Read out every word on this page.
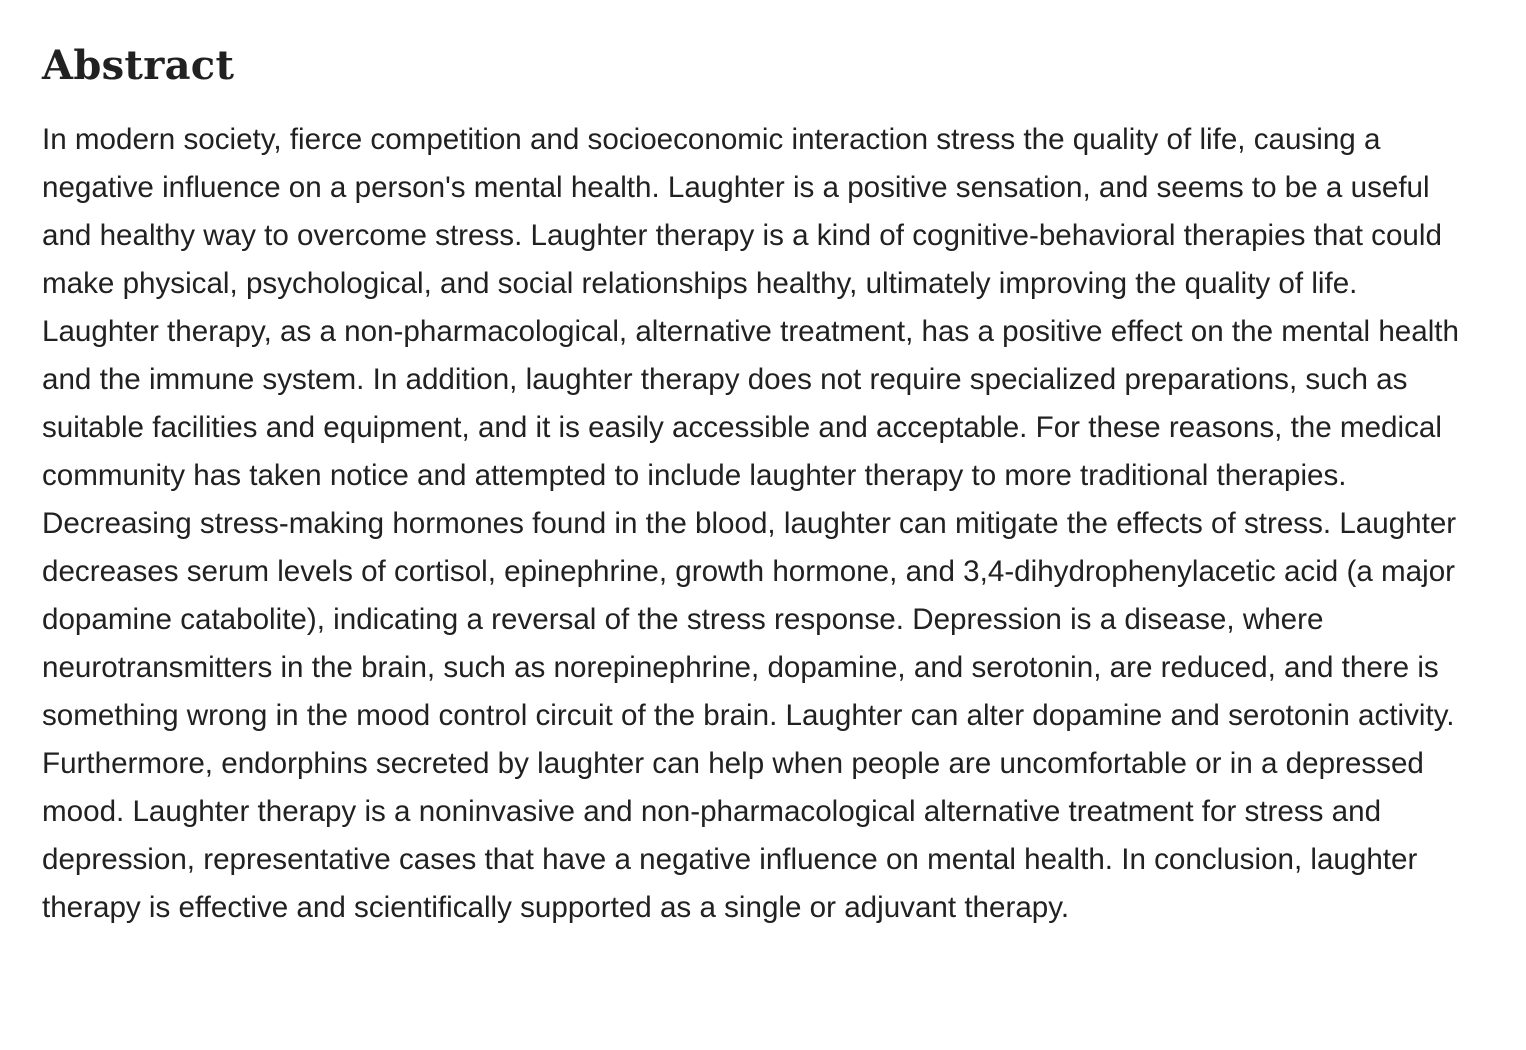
Abstract

In modern society, fierce competition and socioeconomic interaction stress the quality of life, causing a negative influence on a person's mental health. Laughter is a positive sensation, and seems to be a useful and healthy way to overcome stress. Laughter therapy is a kind of cognitive-behavioral therapies that could make physical, psychological, and social relationships healthy, ultimately improving the quality of life. Laughter therapy, as a non-pharmacological, alternative treatment, has a positive effect on the mental health and the immune system. In addition, laughter therapy does not require specialized preparations, such as suitable facilities and equipment, and it is easily accessible and acceptable. For these reasons, the medical community has taken notice and attempted to include laughter therapy to more traditional therapies. Decreasing stress-making hormones found in the blood, laughter can mitigate the effects of stress. Laughter decreases serum levels of cortisol, epinephrine, growth hormone, and 3,4-dihydrophenylacetic acid (a major dopamine catabolite), indicating a reversal of the stress response. Depression is a disease, where neurotransmitters in the brain, such as norepinephrine, dopamine, and serotonin, are reduced, and there is something wrong in the mood control circuit of the brain. Laughter can alter dopamine and serotonin activity. Furthermore, endorphins secreted by laughter can help when people are uncomfortable or in a depressed mood. Laughter therapy is a noninvasive and non-pharmacological alternative treatment for stress and depression, representative cases that have a negative influence on mental health. In conclusion, laughter therapy is effective and scientifically supported as a single or adjuvant therapy.
